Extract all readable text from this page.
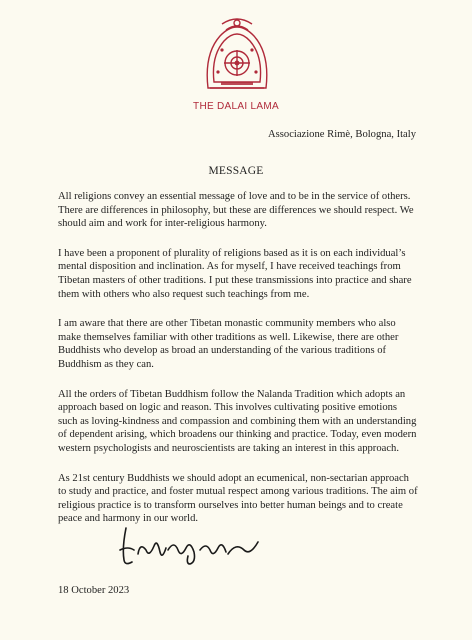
THE DALAI LAMA
Associazione Rimè, Bologna, Italy
MESSAGE

All religions convey an essential message of love and to be in the service of others. There are differences in philosophy, but these are differences we should respect. We should aim and work for inter-religious harmony.

I have been a proponent of plurality of religions based as it is on each individual’s mental disposition and inclination. As for myself, I have received teachings from Tibetan masters of other traditions. I put these transmissions into practice and share them with others who also request such teachings from me.

I am aware that there are other Tibetan monastic community members who also make themselves familiar with other traditions as well. Likewise, there are other Buddhists who develop as broad an understanding of the various traditions of Buddhism as they can.

All the orders of Tibetan Buddhism follow the Nalanda Tradition which adopts an approach based on logic and reason. This involves cultivating positive emotions such as loving-kindness and compassion and combining them with an understanding of dependent arising, which broadens our thinking and practice. Today, even modern western psychologists and neuroscientists are taking an interest in this approach.

As 21st century Buddhists we should adopt an ecumenical, non-sectarian approach to study and practice, and foster mutual respect among various traditions. The aim of religious practice is to transform ourselves into better human beings and to create peace and harmony in our world.

18 October 2023
